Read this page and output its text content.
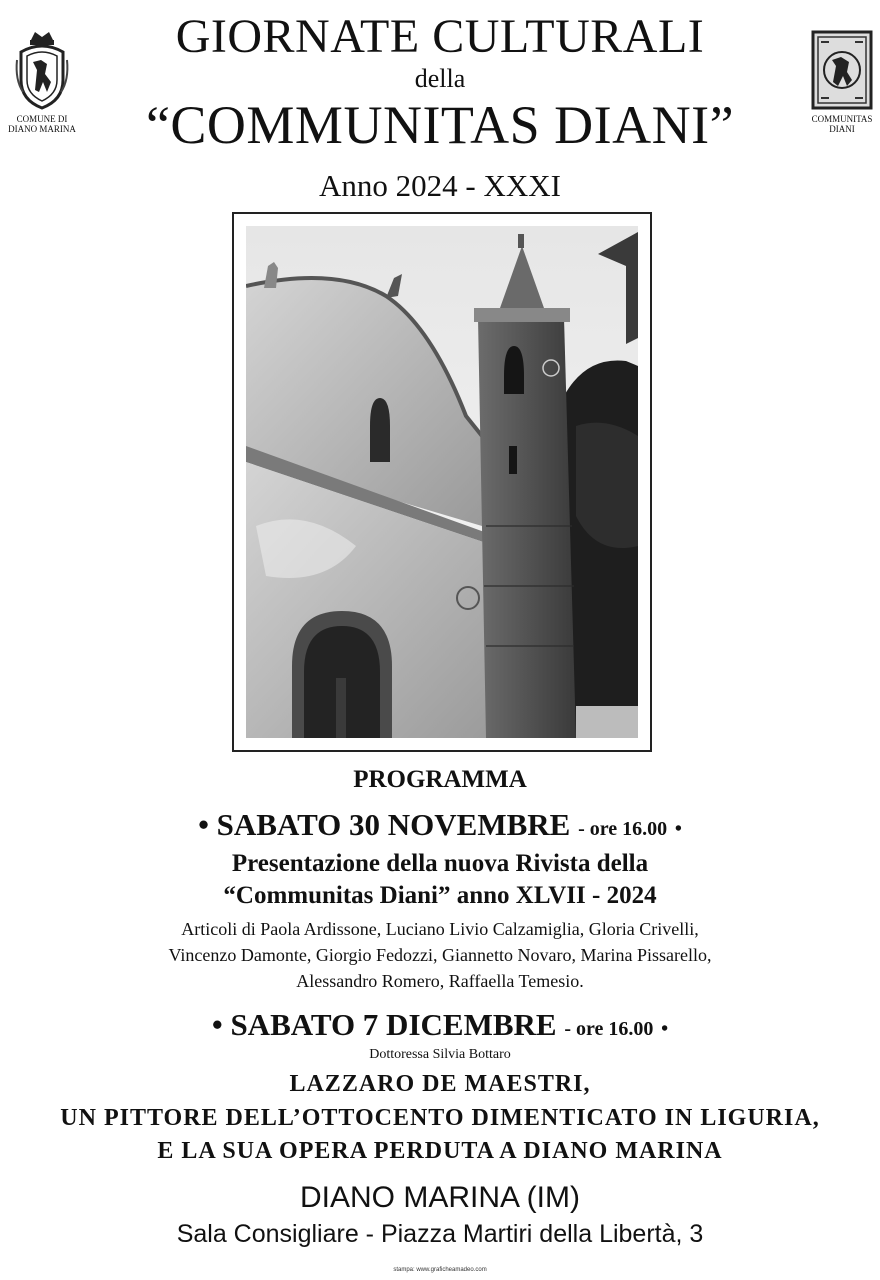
COMUNE DI
DIANO MARINA
COMMUNITAS
DIANI
GIORNATE CULTURALI
della
“COMMUNITAS DIANI”
Anno 2024 - XXXI
PROGRAMMA
• SABATO 30 NOVEMBRE - ore 16.00 •
Presentazione della nuova Rivista della
“Communitas Diani” anno XLVII - 2024
Articoli di Paola Ardissone, Luciano Livio Calzamiglia, Gloria Crivelli,
Vincenzo Damonte, Giorgio Fedozzi, Giannetto Novaro, Marina Pissarello,
Alessandro Romero, Raffaella Temesio.
• SABATO 7 DICEMBRE - ore 16.00 •
Dottoressa Silvia Bottaro
LAZZARO DE MAESTRI,
UN PITTORE DELL’OTTOCENTO DIMENTICATO IN LIGURIA,
E LA SUA OPERA PERDUTA A DIANO MARINA
DIANO MARINA (IM)
Sala Consigliare - Piazza Martiri della Libertà, 3
stampa: www.graficheamadeo.com
